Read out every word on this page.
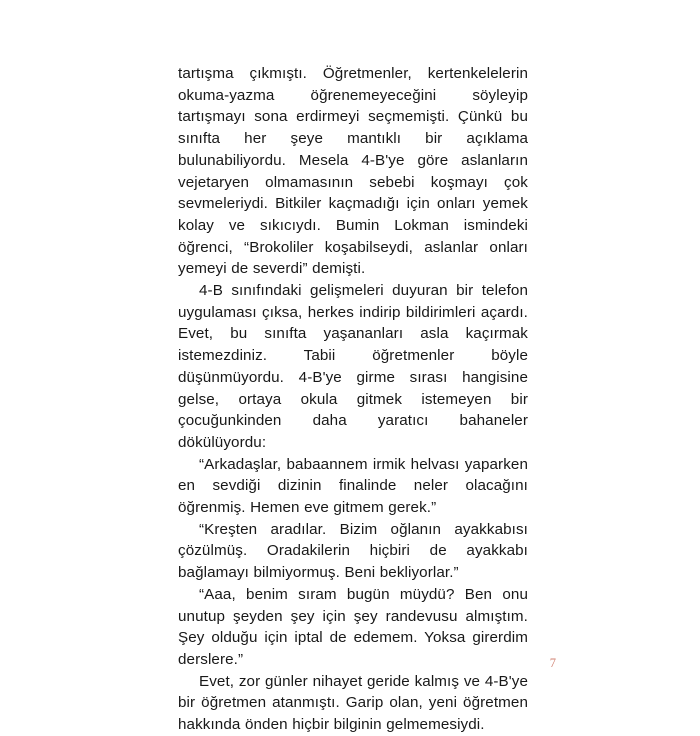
tartışma çıkmıştı. Öğretmenler, kertenkelelerin okuma-yazma öğrenemeyeceğini söyleyip tartışmayı sona erdirmeyi seçmemişti. Çünkü bu sınıfta her şeye mantıklı bir açıklama bulunabiliyordu. Mesela 4-B'ye göre aslanların vejetaryen olmamasının sebebi koşmayı çok sevmeleriydi. Bitkiler kaçmadığı için onları yemek kolay ve sıkıcıydı. Bumin Lokman ismindeki öğrenci, “Brokoliler koşabilseydi, aslanlar onları yemeyi de severdi” demişti.

4-B sınıfındaki gelişmeleri duyuran bir telefon uygulaması çıksa, herkes indirip bildirimleri açardı. Evet, bu sınıfta yaşananları asla kaçırmak istemezdiniz. Tabii öğretmenler böyle düşünmüyordu. 4-B'ye girme sırası hangisine gelse, ortaya okula gitmek istemeyen bir çocuğunkinden daha yaratıcı bahaneler dökülüyordu:

“Arkadaşlar, babaannem irmik helvası yaparken en sevdiği dizinin finalinde neler olacağını öğrenmiş. Hemen eve gitmem gerek.”

“Kreşten aradılar. Bizim oğlanın ayakkabısı çözülmüş. Oradakilerin hiçbiri de ayakkabı bağlamayı bilmiyormuş. Beni bekliyorlar.”

“Aaa, benim sıram bugün müydü? Ben onu unutup şeyden şey için şey randevusu almıştım. Şey olduğu için iptal de edemem. Yoksa girerdim derslere.”

Evet, zor günler nihayet geride kalmış ve 4-B'ye bir öğretmen atanmıştı. Garip olan, yeni öğretmen hakkında önden hiçbir bilginin gelmemesiydi.

7
